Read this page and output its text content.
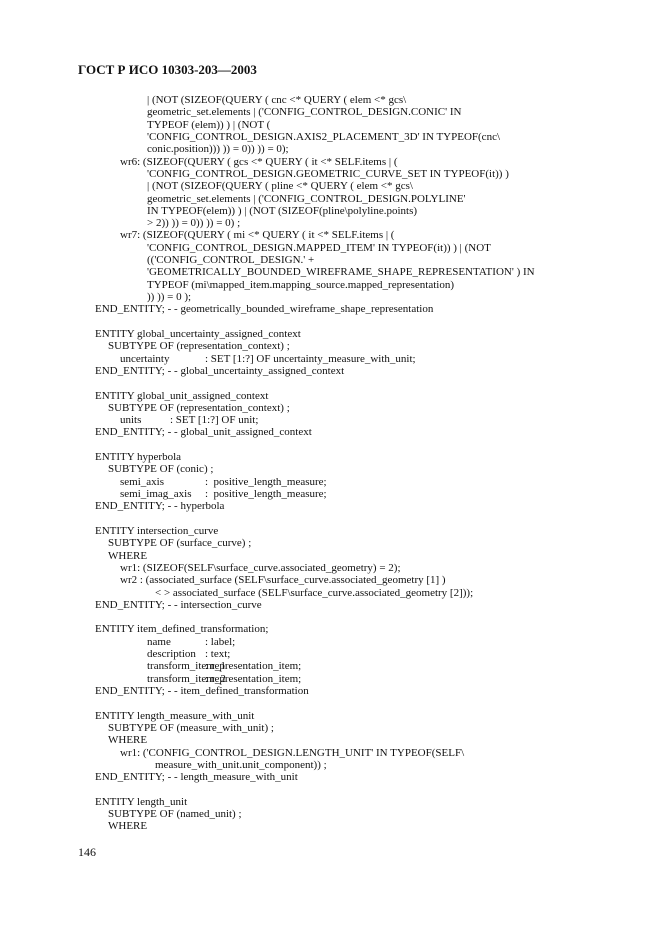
ГОСТ Р ИСО 10303-203—2003
| (NOT (SIZEOF(QUERY ( cnc <* QUERY ( elem <* gcs\
geometric_set.elements | ('CONFIG_CONTROL_DESIGN.CONIC' IN
TYPEOF (elem)) ) | (NOT (
'CONFIG_CONTROL_DESIGN.AXIS2_PLACEMENT_3D' IN TYPEOF(cnc\
conic.position))) )) = 0)) )) = 0);
wr6: (SIZEOF(QUERY ( gcs <* QUERY ( it <* SELF.items | (
'CONFIG_CONTROL_DESIGN.GEOMETRIC_CURVE_SET IN TYPEOF(it)) )
| (NOT (SIZEOF(QUERY ( pline <* QUERY ( elem <* gcs\
geometric_set.elements | ('CONFIG_CONTROL_DESIGN.POLYLINE'
IN TYPEOF(elem)) ) | (NOT (SIZEOF(pline\polyline.points)
> 2)) )) = 0)) )) = 0) ;
wr7: (SIZEOF(QUERY ( mi <* QUERY ( it <* SELF.items | (
'CONFIG_CONTROL_DESIGN.MAPPED_ITEM' IN TYPEOF(it)) ) | (NOT
(('CONFIG_CONTROL_DESIGN.' +
'GEOMETRICALLY_BOUNDED_WIREFRAME_SHAPE_REPRESENTATION' ) IN
TYPEOF (mi\mapped_item.mapping_source.mapped_representation)
)) )) = 0 );
END_ENTITY; - - geometrically_bounded_wireframe_shape_representation
ENTITY global_uncertainty_assigned_context
SUBTYPE OF (representation_context) ;
uncertainty	: SET [1:?] OF uncertainty_measure_with_unit;
END_ENTITY; - - global_uncertainty_assigned_context
ENTITY global_unit_assigned_context
SUBTYPE OF (representation_context) ;
units	: SET [1:?] OF unit;
END_ENTITY; - - global_unit_assigned_context
ENTITY hyperbola
SUBTYPE OF (conic) ;
semi_axis	:  positive_length_measure;
semi_imag_axis :  positive_length_measure;
END_ENTITY; - - hyperbola
ENTITY intersection_curve
SUBTYPE OF (surface_curve) ;
WHERE
wr1: (SIZEOF(SELF\surface_curve.associated_geometry) = 2);
wr2 : (associated_surface (SELF\surface_curve.associated_geometry [1] )
< > associated_surface (SELF\surface_curve.associated_geometry [2]));
END_ENTITY; - - intersection_curve
ENTITY item_defined_transformation;
name	: label;
description : text;
transform_item_1: representation_item;
transform_item_2: representation_item;
END_ENTITY; - - item_defined_transformation
ENTITY length_measure_with_unit
SUBTYPE OF (measure_with_unit) ;
WHERE
wr1: ('CONFIG_CONTROL_DESIGN.LENGTH_UNIT' IN TYPEOF(SELF\
measure_with_unit.unit_component)) ;
END_ENTITY; - - length_measure_with_unit
ENTITY length_unit
SUBTYPE OF (named_unit) ;
WHERE
146
